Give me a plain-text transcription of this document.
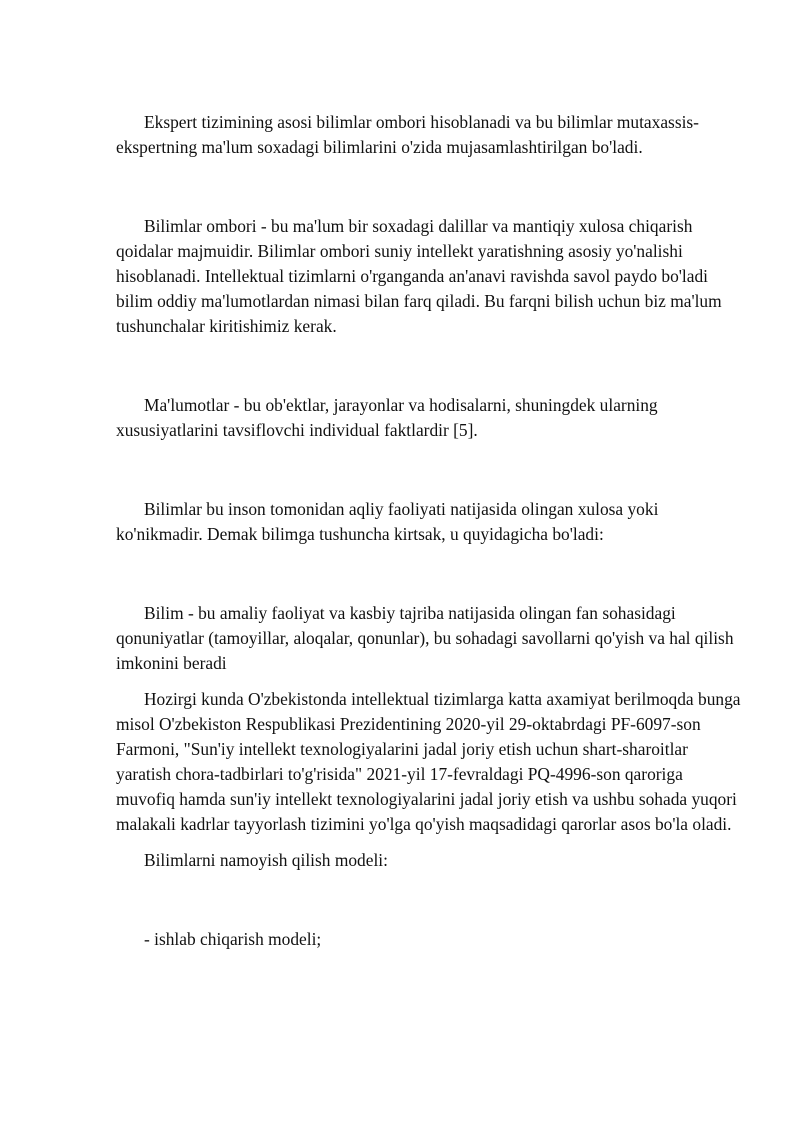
Ekspert tizimining asosi bilimlar ombori hisoblanadi va bu bilimlar mutaxassis-ekspertning ma'lum soxadagi bilimlarini o'zida mujasamlashtirilgan bo'ladi.

Bilimlar ombori - bu ma'lum bir soxadagi dalillar va mantiqiy xulosa chiqarish qoidalar majmuidir. Bilimlar ombori suniy intellekt yaratishning asosiy yo'nalishi hisoblanadi. Intellektual tizimlarni o'rganganda an'anavi ravishda savol paydo bo'ladi bilim oddiy ma'lumotlardan nimasi bilan farq qiladi. Bu farqni bilish uchun biz ma'lum tushunchalar kiritishimiz kerak.

Ma'lumotlar - bu ob'ektlar, jarayonlar va hodisalarni, shuningdek ularning xususiyatlarini tavsiflovchi individual faktlardir [5].

Bilimlar bu inson tomonidan aqliy faoliyati natijasida olingan xulosa yoki ko'nikmadir. Demak bilimga tushuncha kirtsak, u quyidagicha bo'ladi:

Bilim - bu amaliy faoliyat va kasbiy tajriba natijasida olingan fan sohasidagi qonuniyatlar (tamoyillar, aloqalar, qonunlar), bu sohadagi savollarni qo'yish va hal qilish imkonini beradi

Hozirgi kunda O'zbekistonda intellektual tizimlarga katta axamiyat berilmoqda bunga misol O'zbekiston Respublikasi Prezidentining 2020-yil 29-oktabrdagi PF-6097-son Farmoni, "Sun'iy intellekt texnologiyalarini jadal joriy etish uchun shart-sharoitlar yaratish chora-tadbirlari to'g'risida" 2021-yil 17-fevraldagi PQ-4996-son qaroriga muvofiq hamda sun'iy intellekt texnologiyalarini jadal joriy etish va ushbu sohada yuqori malakali kadrlar tayyorlash tizimini yo'lga qo'yish maqsadidagi qarorlar asos bo'la oladi.

Bilimlarni namoyish qilish modeli:

- ishlab chiqarish modeli;
